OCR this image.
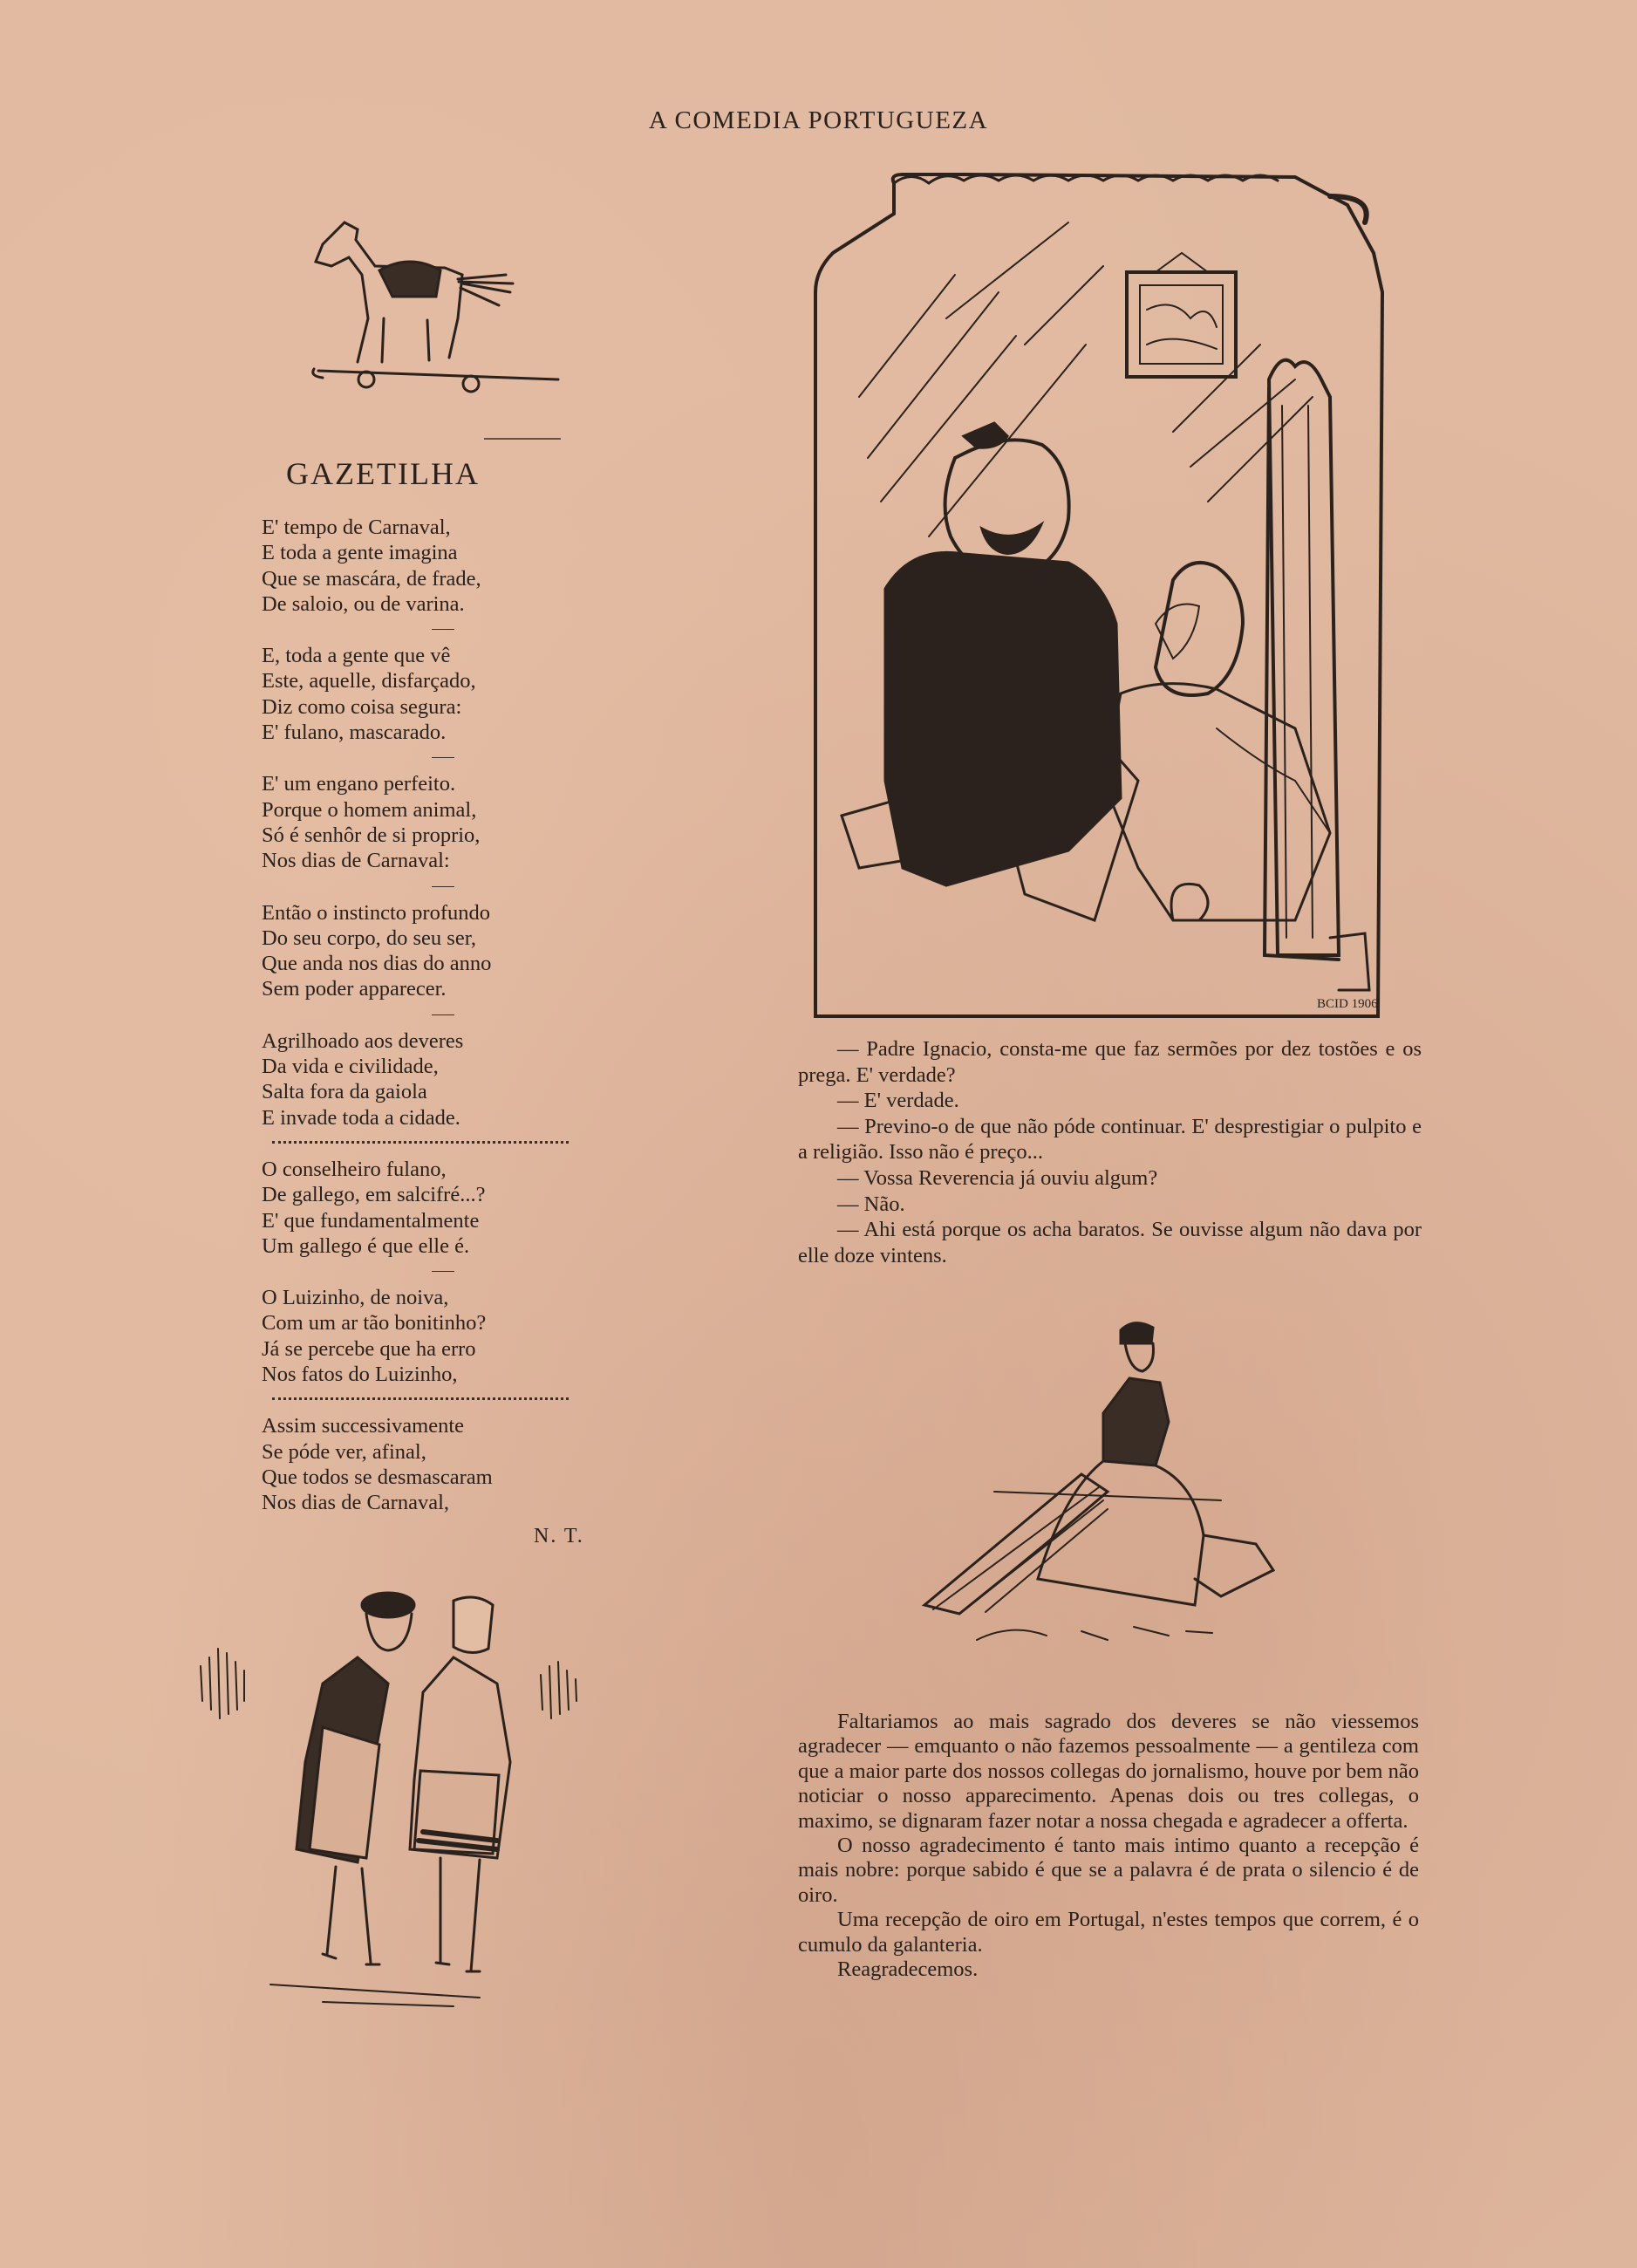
A COMEDIA PORTUGUEZA
GAZETILHA
E' tempo de Carnaval,
E toda a gente imagina
Que se mascára, de frade,
De saloio, ou de varina.
E, toda a gente que vê
Este, aquelle, disfarçado,
Diz como coisa segura:
E' fulano, mascarado.
E' um engano perfeito.
Porque o homem animal,
Só é senhôr de si proprio,
Nos dias de Carnaval:
Então o instincto profundo
Do seu corpo, do seu ser,
Que anda nos dias do anno
Sem poder apparecer.
Agrilhoado aos deveres
Da vida e civilidade,
Salta fora da gaiola
E invade toda a cidade.
O conselheiro fulano,
De gallego, em salcifré...?
E' que fundamentalmente
Um gallego é que elle é.
O Luizinho, de noiva,
Com um ar tão bonitinho?
Já se percebe que ha erro
Nos fatos do Luizinho,
Assim successivamente
Se póde ver, afinal,
Que todos se desmascaram
Nos dias de Carnaval,
N. T.
BCID 1906

— Padre Ignacio, consta-me que faz sermões por dez tostões e os prega. E' verdade?

— E' verdade.

— Previno-o de que não póde continuar. E' desprestigiar o pulpito e a religião. Isso não é preço...

— Vossa Reverencia já ouviu algum?

— Não.

— Ahi está porque os acha baratos. Se ouvisse algum não dava por elle doze vintens.

Faltariamos ao mais sagrado dos deveres se não viessemos agradecer — emquanto o não fazemos pessoalmente — a gentileza com que a maior parte dos nossos collegas do jornalismo, houve por bem não noticiar o nosso apparecimento. Apenas dois ou tres collegas, o maximo, se dignaram fazer notar a nossa chegada e agradecer a offerta.

O nosso agradecimento é tanto mais intimo quanto a recepção é mais nobre: porque sabido é que se a palavra é de prata o silencio é de oiro.

Uma recepção de oiro em Portugal, n'estes tempos que correm, é o cumulo da galanteria.

Reagradecemos.
